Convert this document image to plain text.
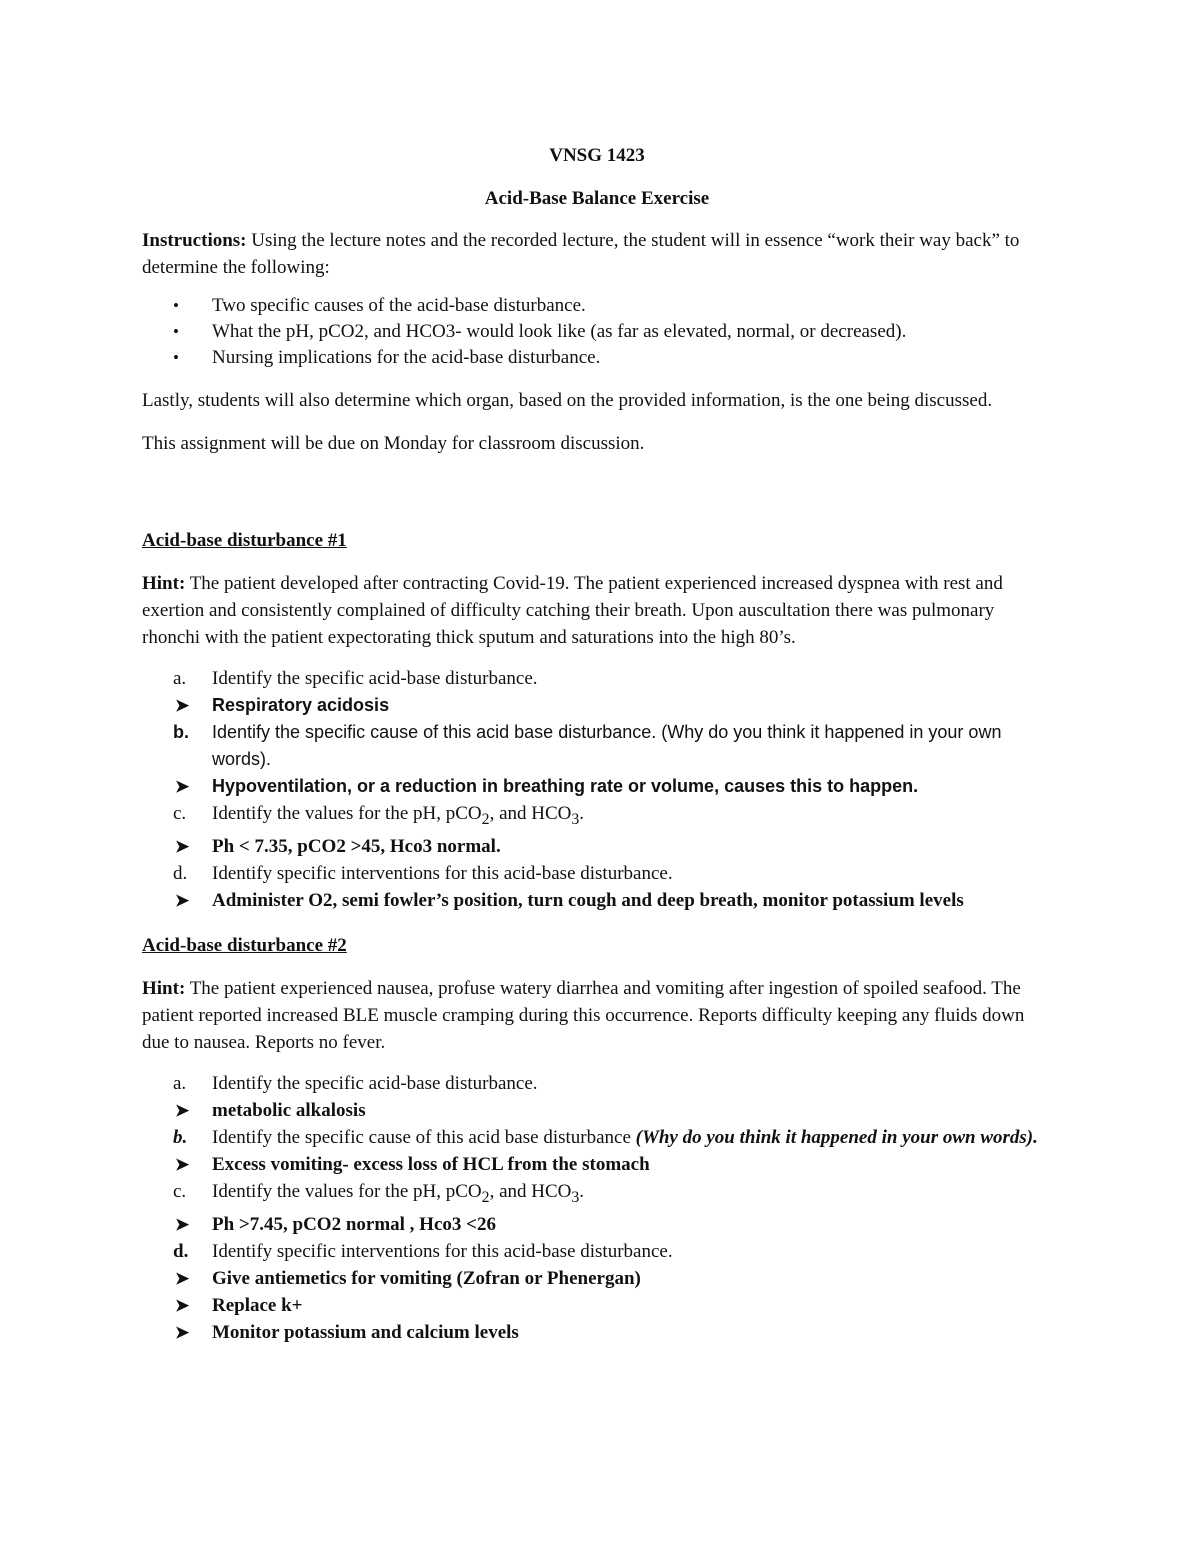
VNSG 1423

Acid-Base Balance Exercise

Instructions: Using the lecture notes and the recorded lecture, the student will in essence “work their way back” to determine the following:

• Two specific causes of the acid-base disturbance.
• What the pH, pCO2, and HCO3- would look like (as far as elevated, normal, or decreased).
• Nursing implications for the acid-base disturbance.

Lastly, students will also determine which organ, based on the provided information, is the one being discussed.

This assignment will be due on Monday for classroom discussion.

Acid-base disturbance #1

Hint: The patient developed after contracting Covid-19. The patient experienced increased dyspnea with rest and exertion and consistently complained of difficulty catching their breath. Upon auscultation there was pulmonary rhonchi with the patient expectorating thick sputum and saturations into the high 80’s.

a. Identify the specific acid-base disturbance.
➤ Respiratory acidosis
b. Identify the specific cause of this acid base disturbance. (Why do you think it happened in your own words).
➤ Hypoventilation, or a reduction in breathing rate or volume, causes this to happen.
c. Identify the values for the pH, pCO$_2$, and $HCO_3$.
➤ Ph < 7.35, pCO2 >45, Hco3 normal.
d. Identify specific interventions for this acid-base disturbance.
➤ Administer O2, semi fowler’s position, turn cough and deep breath, monitor potassium levels

Acid-base disturbance #2

Hint: The patient experienced nausea, profuse watery diarrhea and vomiting after ingestion of spoiled seafood. The patient reported increased BLE muscle cramping during this occurrence. Reports difficulty keeping any fluids down due to nausea. Reports no fever.

a. Identify the specific acid-base disturbance.
➤ metabolic alkalosis
b. Identify the specific cause of this acid base disturbance (Why do you think it happened in your own words).
➤ Excess vomiting- excess loss of HCL from the stomach
c. Identify the values for the pH, pCO$_2$, and $HCO_3$.
➤ Ph >7.45, pCO2 normal , Hco3 <26
d. Identify specific interventions for this acid-base disturbance.
➤ Give antiemetics for vomiting (Zofran or Phenergan)
➤ Replace k+
➤ Monitor potassium and calcium levels
